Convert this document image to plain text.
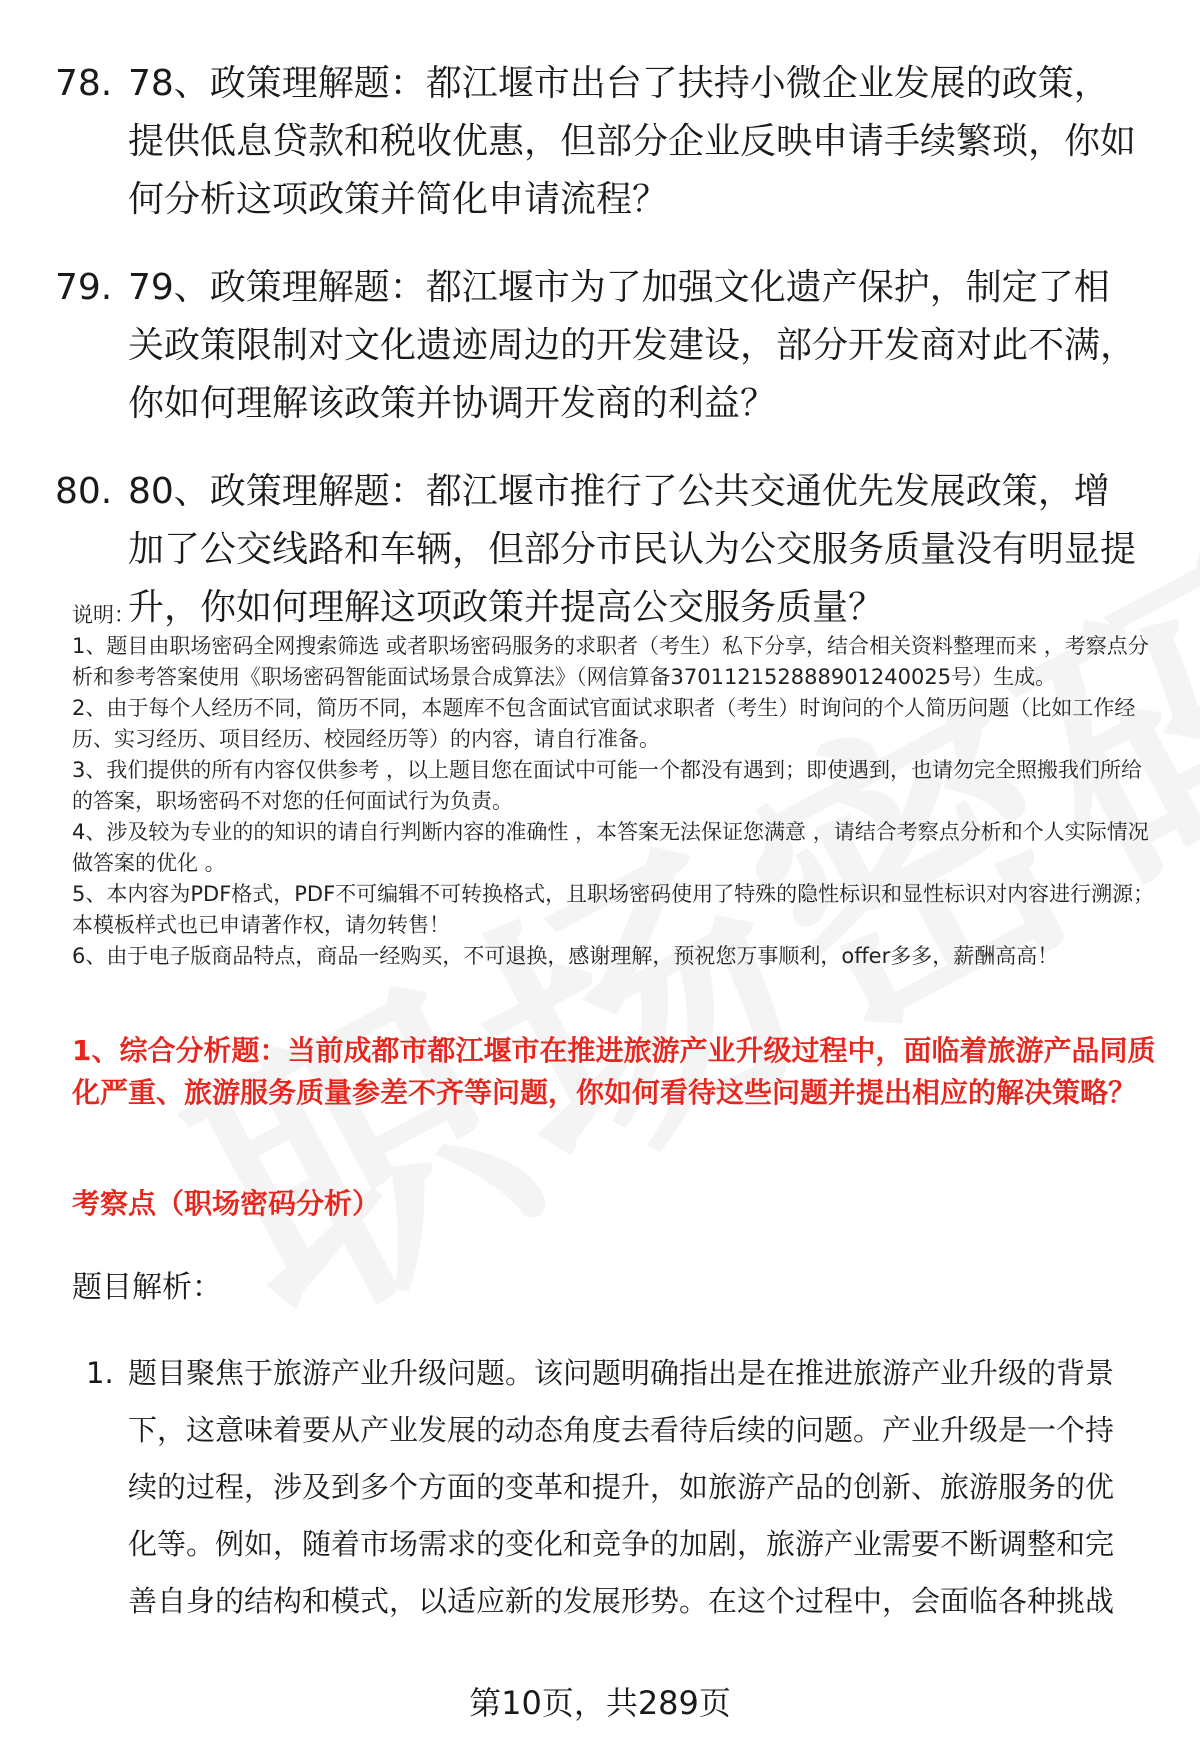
78. 78、政策理解题：都江堰市出台了扶持小微企业发展的政策，提供低息贷款和税收优惠，但部分企业反映申请手续繁琐，你如何分析这项政策并简化申请流程？
79. 79、政策理解题：都江堰市为了加强文化遗产保护，制定了相关政策限制对文化遗迹周边的开发建设，部分开发商对此不满，你如何理解该政策并协调开发商的利益？
80. 80、政策理解题：都江堰市推行了公共交通优先发展政策，增加了公交线路和车辆，但部分市民认为公交服务质量没有明显提升，你如何理解这项政策并提高公交服务质量？

说明：

1、题目由职场密码全网搜索筛选 或者职场密码服务的求职者（考生）私下分享，结合相关资料整理而来 ，考察点分析和参考答案使用《职场密码智能面试场景合成算法》（网信算备370112152888901240025号）生成。

2、由于每个人经历不同，简历不同，本题库不包含面试官面试求职者（考生）时询问的个人简历问题（比如工作经历、实习经历、项目经历、校园经历等）的内容，请自行准备。

3、我们提供的所有内容仅供参考 ，以上题目您在面试中可能一个都没有遇到；即使遇到，也请勿完全照搬我们所给的答案，职场密码不对您的任何面试行为负责。

4、涉及较为专业的的知识的请自行判断内容的准确性 ，本答案无法保证您满意 ，请结合考察点分析和个人实际情况做答案的优化 。

5、本内容为PDF格式，PDF不可编辑不可转换格式，且职场密码使用了特殊的隐性标识和显性标识对内容进行溯源；本模板样式也已申请著作权，请勿转售！

6、由于电子版商品特点，商品一经购买，不可退换，感谢理解，预祝您万事顺利，offer多多，薪酬高高！

1、综合分析题：当前成都市都江堰市在推进旅游产业升级过程中，面临着旅游产品同质化严重、旅游服务质量参差不齐等问题，你如何看待这些问题并提出相应的解决策略？
考察点（职场密码分析）
题目解析：
1. 题目聚焦于旅游产业升级问题。该问题明确指出是在推进旅游产业升级的背景下，这意味着要从产业发展的动态角度去看待后续的问题。产业升级是一个持续的过程，涉及到多个方面的变革和提升，如旅游产品的创新、旅游服务的优化等。例如，随着市场需求的变化和竞争的加剧，旅游产业需要不断调整和完善自身的结构和模式，以适应新的发展形势。在这个过程中，会面临各种挑战
第10页，共289页
